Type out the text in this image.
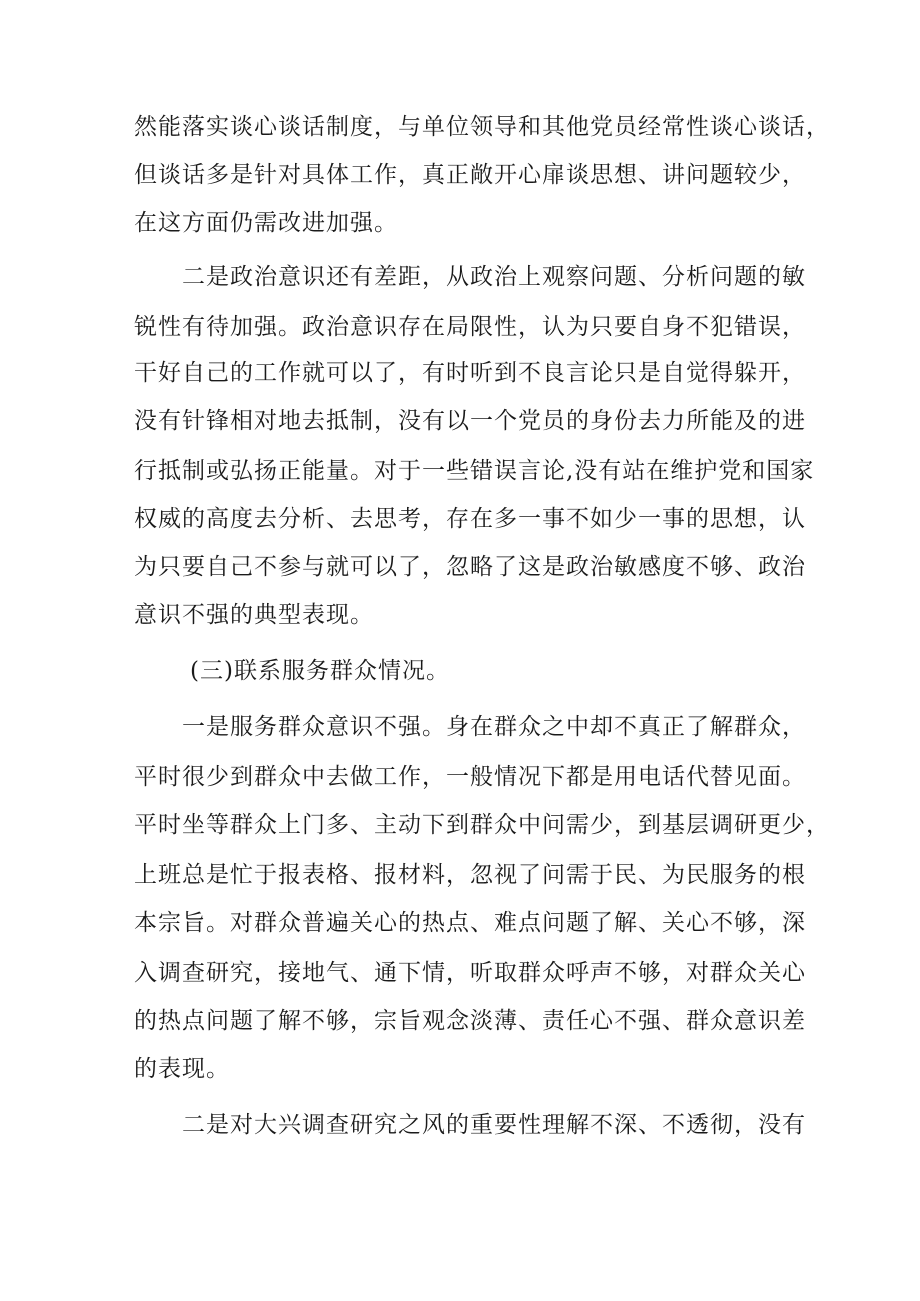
然能落实谈心谈话制度，与单位领导和其他党员经常性谈心谈话，
但谈话多是针对具体工作，真正敞开心扉谈思想、讲问题较少，
在这方面仍需改进加强。
二是政治意识还有差距，从政治上观察问题、分析问题的敏
锐性有待加强。政治意识存在局限性，认为只要自身不犯错误，
干好自己的工作就可以了，有时听到不良言论只是自觉得躲开，
没有针锋相对地去抵制，没有以一个党员的身份去力所能及的进
行抵制或弘扬正能量。对于一些错误言论,没有站在维护党和国家
权威的高度去分析、去思考，存在多一事不如少一事的思想，认
为只要自己不参与就可以了，忽略了这是政治敏感度不够、政治
意识不强的典型表现。
(三)联系服务群众情况。
一是服务群众意识不强。身在群众之中却不真正了解群众，
平时很少到群众中去做工作，一般情况下都是用电话代替见面。
平时坐等群众上门多、主动下到群众中问需少，到基层调研更少，
上班总是忙于报表格、报材料，忽视了问需于民、为民服务的根
本宗旨。对群众普遍关心的热点、难点问题了解、关心不够，深
入调查研究，接地气、通下情，听取群众呼声不够，对群众关心
的热点问题了解不够，宗旨观念淡薄、责任心不强、群众意识差
的表现。
二是对大兴调查研究之风的重要性理解不深、不透彻，没有
